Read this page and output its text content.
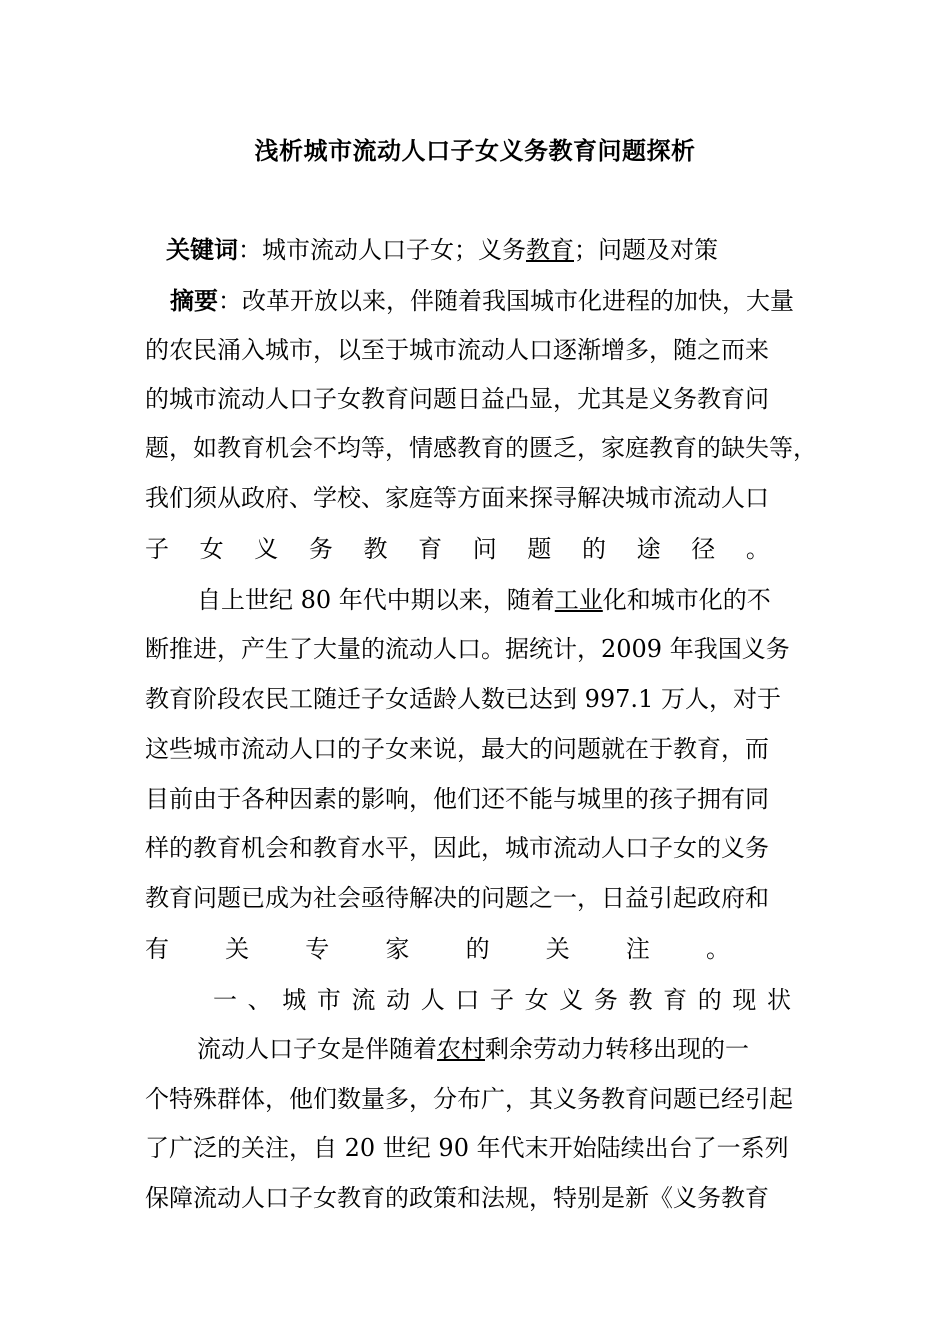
浅析城市流动人口子女义务教育问题探析
关键词：城市流动人口子女；义务教育；问题及对策
摘要：改革开放以来，伴随着我国城市化进程的加快，大量
的农民涌入城市，以至于城市流动人口逐渐增多，随之而来
的城市流动人口子女教育问题日益凸显，尤其是义务教育问
题，如教育机会不均等，情感教育的匮乏，家庭教育的缺失等，
我们须从政府、学校、家庭等方面来探寻解决城市流动人口
子 女 义 务 教 育 问 题 的 途 径 。
自上世纪 80 年代中期以来，随着工业化和城市化的不
断推进，产生了大量的流动人口。据统计，2009 年我国义务
教育阶段农民工随迁子女适龄人数已达到 997.1 万人，对于
这些城市流动人口的子女来说，最大的问题就在于教育，而
目前由于各种因素的影响，他们还不能与城里的孩子拥有同
样的教育机会和教育水平，因此，城市流动人口子女的义务
教育问题已成为社会亟待解决的问题之一，日益引起政府和
有 关 专 家 的 关 注 。
一 、 城 市 流 动 人 口 子 女 义 务 教 育 的 现 状
流动人口子女是伴随着农村剩余劳动力转移出现的一
个特殊群体，他们数量多，分布广，其义务教育问题已经引起
了广泛的关注，自 20 世纪 90 年代末开始陆续出台了一系列
保障流动人口子女教育的政策和法规，特别是新《义务教育
